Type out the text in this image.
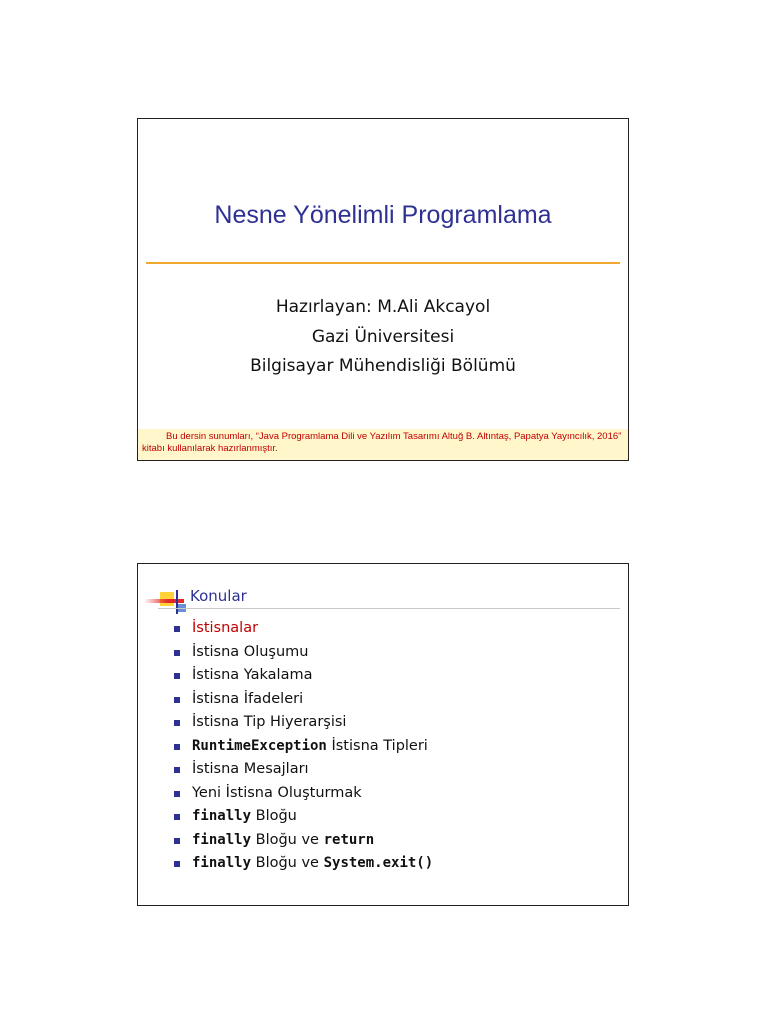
Nesne Yönelimli Programlama
Hazırlayan: M.Ali Akcayol
Gazi Üniversitesi
Bilgisayar Mühendisliği Bölümü
Bu dersin sunumları, “Java Programlama Dili ve Yazılım Tasarımı Altuğ B. Altıntaş, Papatya Yayıncılık, 2016” kitabı kullanılarak hazırlanmıştır.
Konular
İstisnalar
İstisna Oluşumu
İstisna Yakalama
İstisna İfadeleri
İstisna Tip Hiyerarşisi
RuntimeException İstisna Tipleri
İstisna Mesajları
Yeni İstisna Oluşturmak
finally Bloğu
finally Bloğu ve return
finally Bloğu ve System.exit()
